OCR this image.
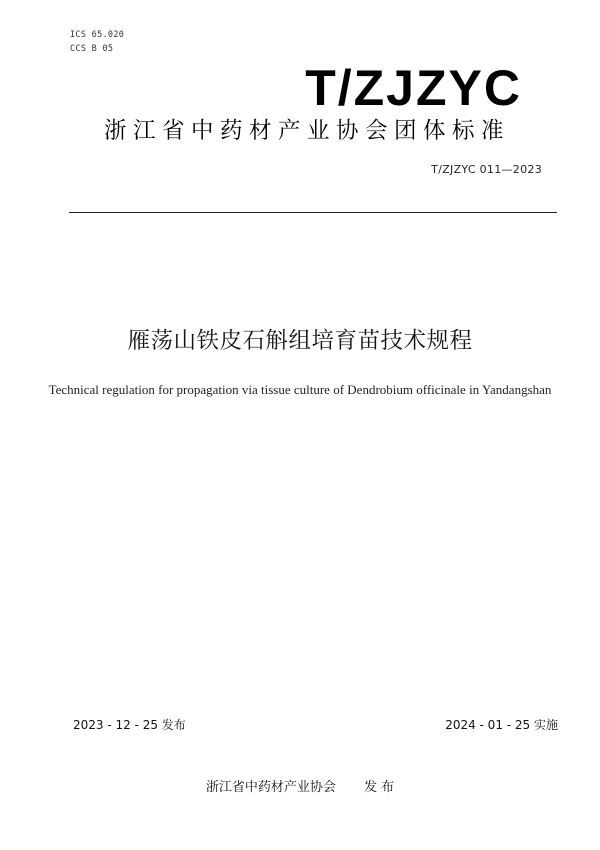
ICS 65.020
CCS B 05
T/ZJZYC
浙江省中药材产业协会团体标准
T/ZJZYC 011—2023
雁荡山铁皮石斛组培育苗技术规程
Technical regulation for propagation via tissue culture of Dendrobium officinale in Yandangshan
2023 - 12 - 25 发布	2024 - 01 - 25 实施
浙江省中药材产业协会 发 布
